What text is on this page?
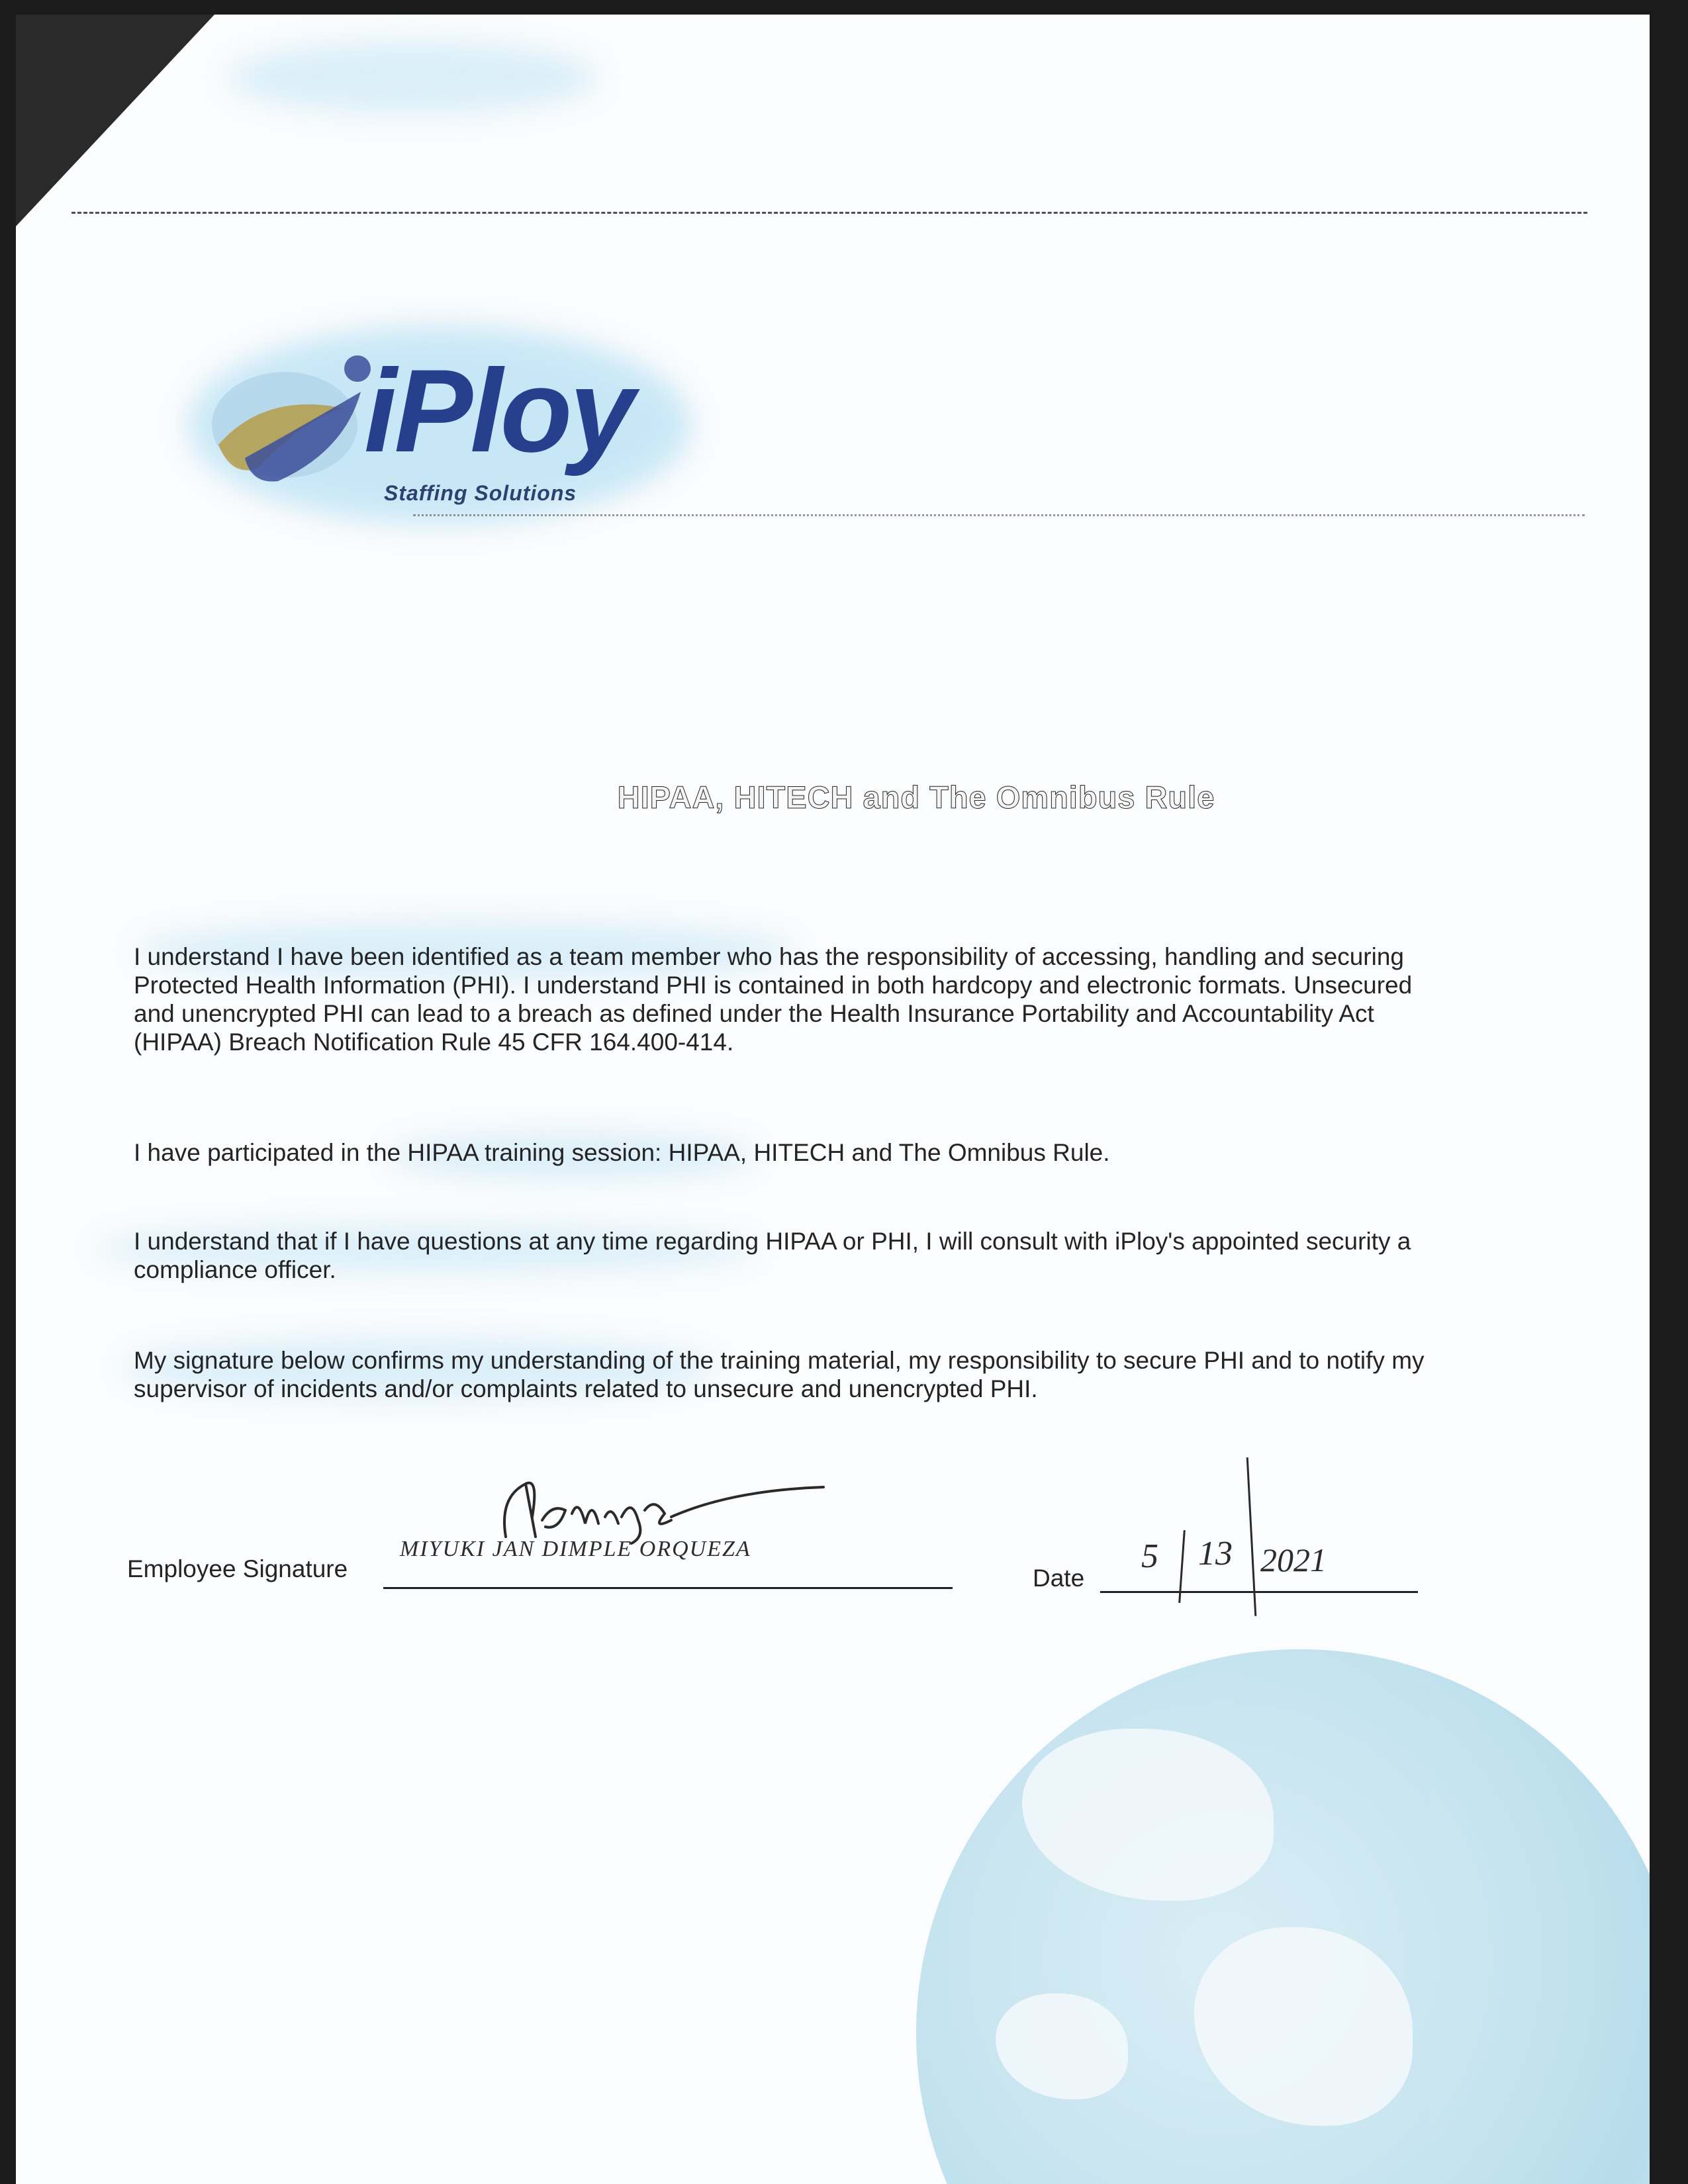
iPloy
Staffing Solutions
HIPAA, HITECH and The Omnibus Rule

I understand I have been identified as a team member who has the responsibility of accessing, handling and securing
Protected Health Information (PHI). I understand PHI is contained in both hardcopy and electronic formats. Unsecured
and unencrypted PHI can lead to a breach as defined under the Health Insurance Portability and Accountability Act
(HIPAA) Breach Notification Rule 45 CFR 164.400-414.

I have participated in the HIPAA training session: HIPAA, HITECH and The Omnibus Rule.

I understand that if I have questions at any time regarding HIPAA or PHI, I will consult with iPloy's appointed security a
compliance officer.

My signature below confirms my understanding of the training material, my responsibility to secure PHI and to notify my
supervisor of incidents and/or complaints related to unsecure and unencrypted PHI.

Employee Signature
MIYUKI JAN DIMPLE ORQUEZA
Date
5 13 2021
